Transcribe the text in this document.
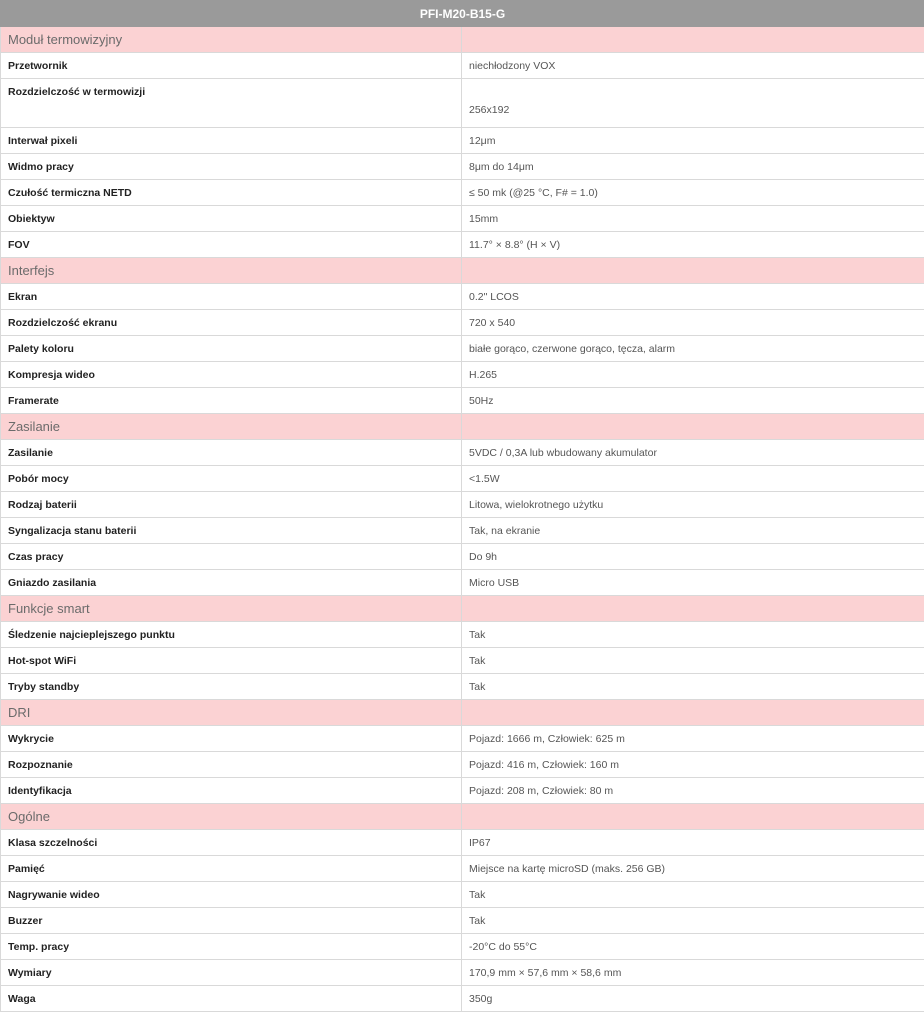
PFI-M20-B15-G	
Moduł termowizyjny	
Przetwornik	niechłodzony VOX
Rozdzielczość w termowizji	256x192
Interwał pixeli	12μm
Widmo pracy	8μm do 14μm
Czułość termiczna NETD	≤ 50 mk (@25 °C, F# = 1.0)
Obiektyw	15mm
FOV	11.7° × 8.8° (H × V)
Interfejs	
Ekran	0.2" LCOS
Rozdzielczość ekranu	720 x 540
Palety koloru	białe gorąco, czerwone gorąco, tęcza, alarm
Kompresja wideo	H.265
Framerate	50Hz
Zasilanie	
Zasilanie	5VDC / 0,3A lub wbudowany akumulator
Pobór mocy	<1.5W
Rodzaj baterii	Litowa, wielokrotnego użytku
Syngalizacja stanu baterii	Tak, na ekranie
Czas pracy	Do 9h
Gniazdo zasilania	Micro USB
Funkcje smart	
Śledzenie najcieplejszego punktu	Tak
Hot-spot WiFi	Tak
Tryby standby	Tak
DRI	
Wykrycie	Pojazd: 1666 m, Człowiek: 625 m
Rozpoznanie	Pojazd: 416 m, Człowiek: 160 m
Identyfikacja	Pojazd: 208 m, Człowiek: 80 m
Ogólne	
Klasa szczelności	IP67
Pamięć	Miejsce na kartę microSD (maks. 256 GB)
Nagrywanie wideo	Tak
Buzzer	Tak
Temp. pracy	-20°C do 55°C
Wymiary	170,9 mm × 57,6 mm × 58,6 mm
Waga	350g
